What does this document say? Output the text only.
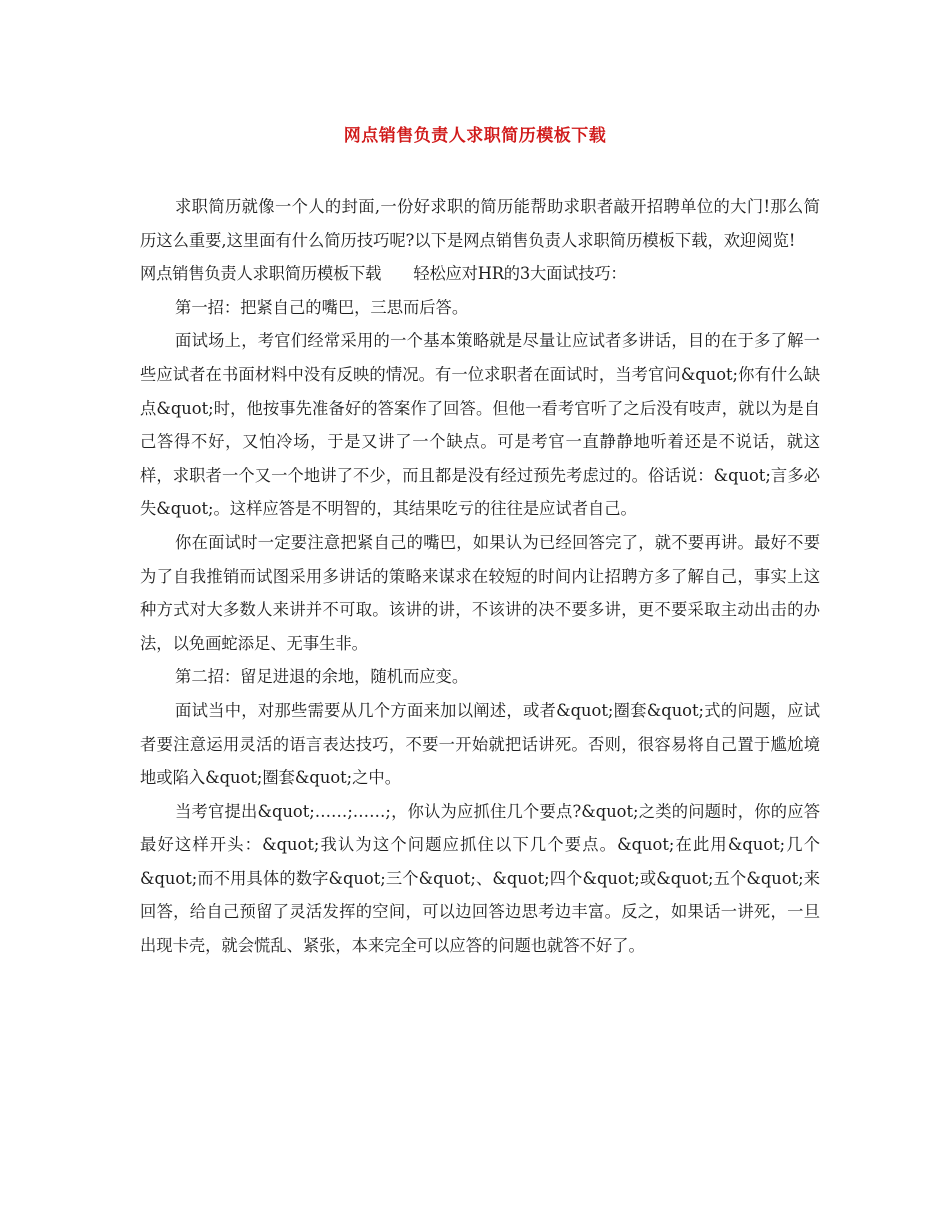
网点销售负责人求职简历模板下载

求职简历就像一个人的封面,一份好求职的简历能帮助求职者敲开招聘单位的大门!那么简历这么重要,这里面有什么简历技巧呢?以下是网点销售负责人求职简历模板下载，欢迎阅览!

网点销售负责人求职简历模板下载　　轻松应对HR的3大面试技巧：

第一招：把紧自己的嘴巴，三思而后答。

面试场上，考官们经常采用的一个基本策略就是尽量让应试者多讲话，目的在于多了解一些应试者在书面材料中没有反映的情况。有一位求职者在面试时，当考官问&quot;你有什么缺点&quot;时，他按事先准备好的答案作了回答。但他一看考官听了之后没有吱声，就以为是自己答得不好，又怕冷场，于是又讲了一个缺点。可是考官一直静静地听着还是不说话，就这样，求职者一个又一个地讲了不少，而且都是没有经过预先考虑过的。俗话说：&quot;言多必失&quot;。这样应答是不明智的，其结果吃亏的往往是应试者自己。

你在面试时一定要注意把紧自己的嘴巴，如果认为已经回答完了，就不要再讲。最好不要为了自我推销而试图采用多讲话的策略来谋求在较短的时间内让招聘方多了解自己，事实上这种方式对大多数人来讲并不可取。该讲的讲，不该讲的决不要多讲，更不要采取主动出击的办法，以免画蛇添足、无事生非。

第二招：留足进退的余地，随机而应变。

面试当中，对那些需要从几个方面来加以阐述，或者&quot;圈套&quot;式的问题，应试者要注意运用灵活的语言表达技巧，不要一开始就把话讲死。否则，很容易将自己置于尴尬境地或陷入&quot;圈套&quot;之中。

当考官提出&quot;……;……;，你认为应抓住几个要点?&quot;之类的问题时，你的应答最好这样开头：&quot;我认为这个问题应抓住以下几个要点。&quot;在此用&quot;几个&quot;而不用具体的数字&quot;三个&quot;、&quot;四个&quot;或&quot;五个&quot;来回答，给自己预留了灵活发挥的空间，可以边回答边思考边丰富。反之，如果话一讲死，一旦出现卡壳，就会慌乱、紧张，本来完全可以应答的问题也就答不好了。
